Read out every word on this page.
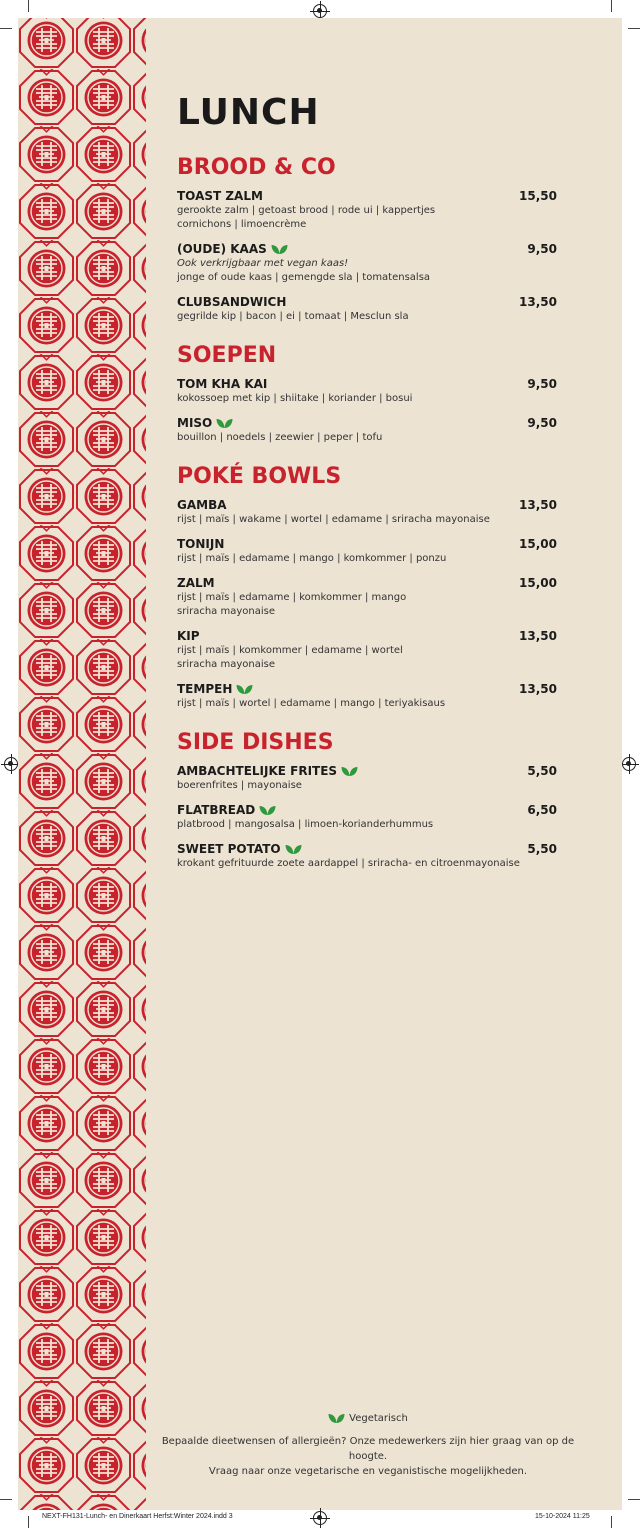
LUNCH
BROOD & CO
TOAST ZALM	15,50
gerookte zalm | getoast brood | rode ui | kappertjes
cornichons | limoencrème
(OUDE) KAAS	9,50
Ook verkrijgbaar met vegan kaas!
jonge of oude kaas | gemengde sla | tomatensalsa
CLUBSANDWICH	13,50
gegrilde kip | bacon | ei | tomaat | Mesclun sla
SOEPEN
TOM KHA KAI	9,50
kokossoep met kip | shiitake | koriander | bosui
MISO	9,50
bouillon | noedels | zeewier | peper | tofu
POKÉ BOWLS
GAMBA	13,50
rijst | maïs | wakame | wortel | edamame | sriracha mayonaise
TONIJN	15,00
rijst | maïs | edamame | mango | komkommer | ponzu
ZALM	15,00
rijst | maïs | edamame | komkommer | mango
sriracha mayonaise
KIP	13,50
rijst | maïs | komkommer | edamame | wortel
sriracha mayonaise
TEMPEH	13,50
rijst | maïs | wortel | edamame | mango | teriyakisaus
SIDE DISHES
AMBACHTELIJKE FRITES	5,50
boerenfrites | mayonaise
FLATBREAD	6,50
platbrood | mangosalsa | limoen-korianderhummus
SWEET POTATO	5,50
krokant gefrituurde zoete aardappel | sriracha- en citroenmayonaise
Vegetarisch
Bepaalde dieetwensen of allergieën? Onze medewerkers zijn hier graag van op de hoogte.
Vraag naar onze vegetarische en veganistische mogelijkheden.
NEXT-FH131-Lunch- en Dinerkaart Herfst:Winter 2024.indd 3	15-10-2024 11:25
